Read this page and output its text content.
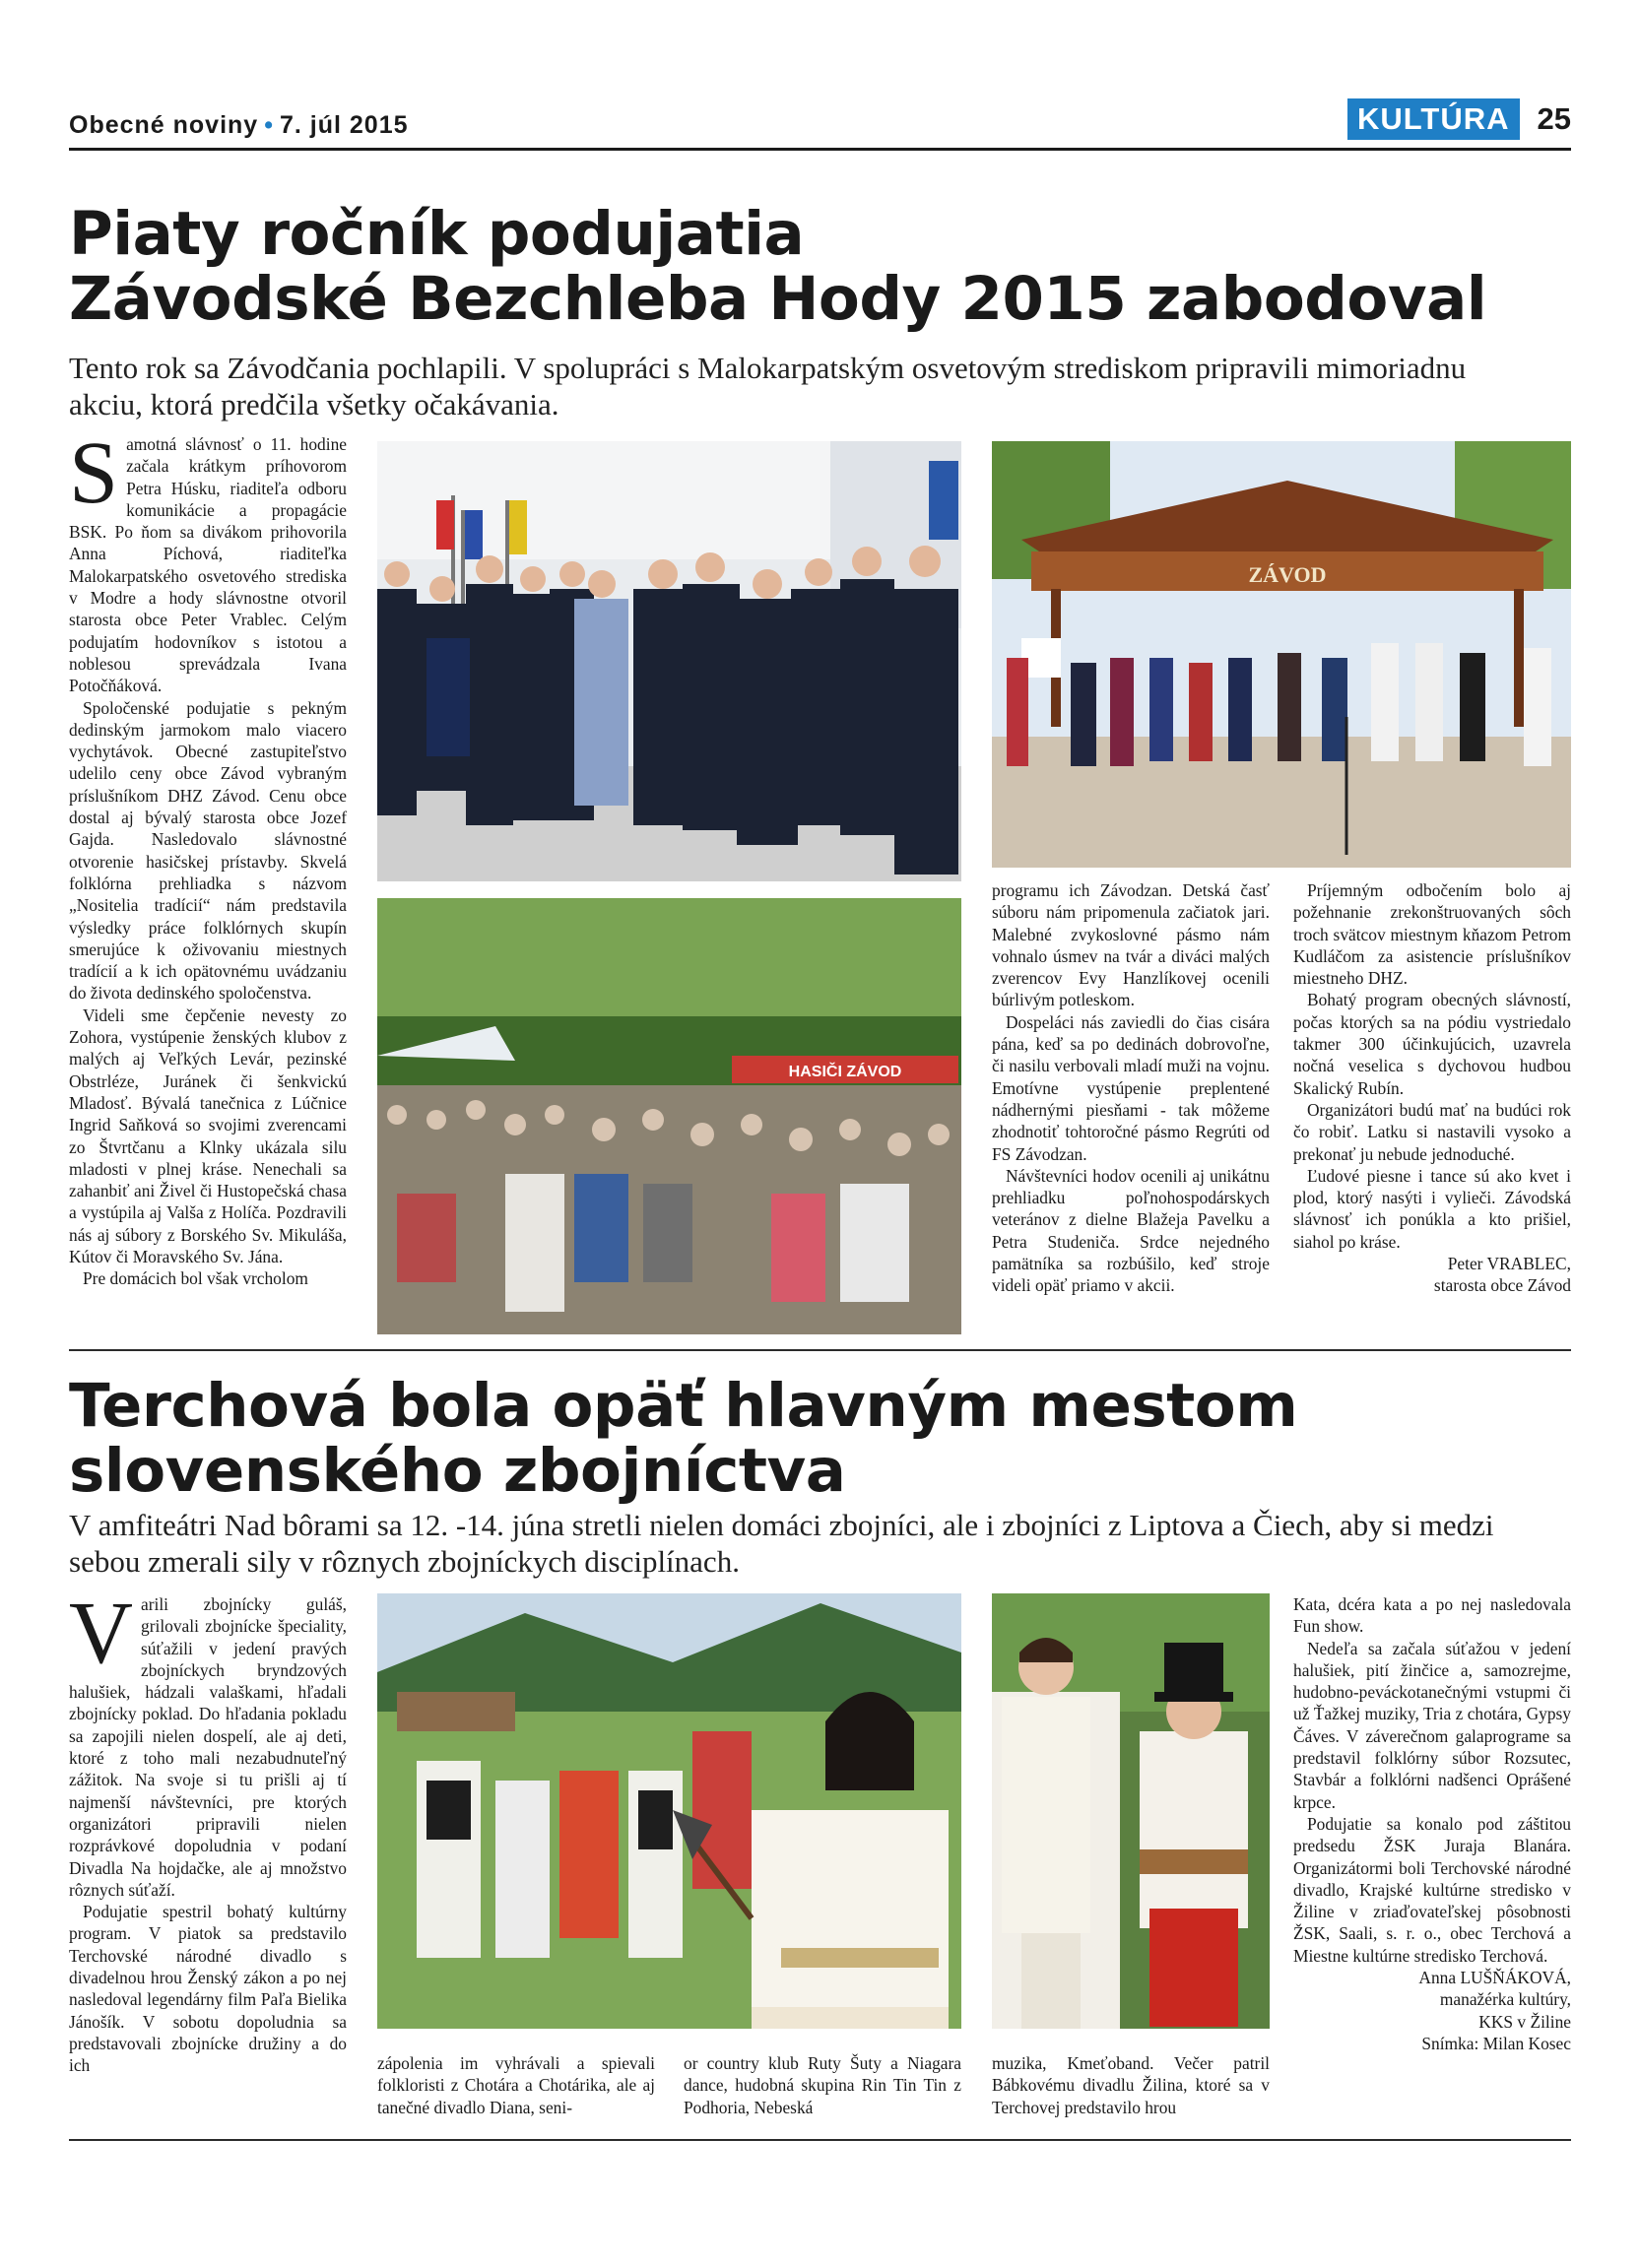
Obecné noviny • 7. júl 2015	KULTÚRA 25
Piaty ročník podujatia
Závodské Bezchleba Hody 2015 zabodoval

Tento rok sa Závodčania pochlapili. V spolupráci s Malokarpatským osvetovým strediskom pripravili mimoriadnu akciu, ktorá predčila všetky očakávania.

Samotná slávnosť o 11. hodine začala krátkym príhovorom Petra Húsku, riaditeľa odboru komunikácie a propagácie BSK. Po ňom sa divákom prihovorila Anna Píchová, riaditeľka Malokarpatského osvetového strediska v Modre a hody slávnostne otvoril starosta obce Peter Vrablec. Celým podujatím hodovníkov s istotou a noblesou sprevádzala Ivana Potočňáková.

Spoločenské podujatie s pekným dedinským jarmokom malo viacero vychytávok. Obecné zastupiteľstvo udelilo ceny obce Závod vybraným príslušníkom DHZ Závod. Cenu obce dostal aj bývalý starosta obce Jozef Gajda. Nasledovalo slávnostné otvorenie hasičskej prístavby. Skvelá folklórna prehliadka s názvom „Nositelia tradícií“ nám predstavila výsledky práce folklórnych skupín smerujúce k oživovaniu miestnych tradícií a k ich opätovnému uvádzaniu do života dedinského spoločenstva.

Videli sme čepčenie nevesty zo Zohora, vystúpenie ženských klubov z malých aj Veľkých Levár, pezinské Obstrléze, Juránek či šenkvickú Mladosť. Bývalá tanečnica z Lúčnice Ingrid Saňková so svojimi zverencami zo Štvrtčanu a Klnky ukázala silu mladosti v plnej kráse. Nenechali sa zahanbiť ani Živel či Hustopečská chasa a vystúpila aj Valša z Holíča. Pozdravili nás aj súbory z Borského Sv. Mikuláša, Kútov či Moravského Sv. Jána.

Pre domácich bol však vrcholom

ZÁVOD
HASIČI ZÁVOD

programu ich Závodzan. Detská časť súboru nám pripomenula začiatok jari. Malebné zvykoslovné pásmo nám vohnalo úsmev na tvár a diváci malých zverencov Evy Hanzlíkovej ocenili búrlivým potleskom.

Dospeláci nás zaviedli do čias cisára pána, keď sa po dedinách dobrovoľne, či nasilu verbovali mladí muži na vojnu. Emotívne vystúpenie preplentené nádhernými piesňami - tak môžeme zhodnotiť tohtoročné pásmo Regrúti od FS Závodzan.

Návštevníci hodov ocenili aj unikátnu prehliadku poľnohospodárskych veteránov z dielne Blažeja Pavelku a Petra Studeniča. Srdce nejedného pamätníka sa rozbúšilo, keď stroje videli opäť priamo v akcii.

Príjemným odbočením bolo aj požehnanie zrekonštruovaných sôch troch svätcov miestnym kňazom Petrom Kudláčom za asistencie príslušníkov miestneho DHZ.

Bohatý program obecných slávností, počas ktorých sa na pódiu vystriedalo takmer 300 účinkujúcich, uzavrela nočná veselica s dychovou hudbou Skalický Rubín.

Organizátori budú mať na budúci rok čo robiť. Latku si nastavili vysoko a prekonať ju nebude jednoduché.

Ľudové piesne i tance sú ako kvet i plod, ktorý nasýti i vylieči. Závodská slávnosť ich ponúkla a kto prišiel, siahol po kráse.

Peter VRABLEC,
starosta obce Závod

Terchová bola opäť hlavným mestom
slovenského zbojníctva

V amfiteátri Nad bôrami sa 12. -14. júna stretli nielen domáci zbojníci, ale i zbojníci z Liptova a Čiech, aby si medzi sebou zmerali sily v rôznych zbojníckych disciplínach.

Varili zbojnícky guláš, grilovali zbojnícke špeciality, súťažili v jedení pravých zbojníckych bryndzových halušiek, hádzali valaškami, hľadali zbojnícky poklad. Do hľadania pokladu sa zapojili nielen dospelí, ale aj deti, ktoré z toho mali nezabudnuteľný zážitok. Na svoje si tu prišli aj tí najmenší návštevníci, pre ktorých organizátori pripravili nielen rozprávkové dopoludnia v podaní Divadla Na hojdačke, ale aj množstvo rôznych súťaží.

Podujatie spestril bohatý kultúrny program. V piatok sa predstavilo Terchovské národné divadlo s divadelnou hrou Ženský zákon a po nej nasledoval legendárny film Paľa Bielika Jánošík. V sobotu dopoludnia sa predstavovali zbojnícke družiny a do ich	zápolenia im vyhrávali a spievali folkloristi z Chotára a Chotárika, ale aj tanečné divadlo Diana, seni-

or country klub Ruty Šuty a Niagara dance, hudobná skupina Rin Tin Tin z Podhoria, Nebeská

muzika, Kmeťoband. Večer patril Bábkovému divadlu Žilina, ktoré sa v Terchovej predstavilo hrou

Kata, dcéra kata a po nej nasledovala Fun show.

Nedeľa sa začala súťažou v jedení halušiek, pití žinčice a, samozrejme, hudobno-peváckotanečnými vstupmi či už Ťažkej muziky, Tria z chotára, Gypsy Čáves. V záverečnom galaprograme sa predstavil folklórny súbor Rozsutec, Stavbár a folklórni nadšenci Oprášené krpce.

Podujatie sa konalo pod záštitou predsedu ŽSK Juraja Blanára. Organizátormi boli Terchovské národné divadlo, Krajské kultúrne stredisko v Žiline v zriaďovateľskej pôsobnosti ŽSK, Saali, s. r. o., obec Terchová a Miestne kultúrne stredisko Terchová.

Anna LUŠŇÁKOVÁ,
manažérka kultúry,
KKS v Žiline
Snímka: Milan Kosec
